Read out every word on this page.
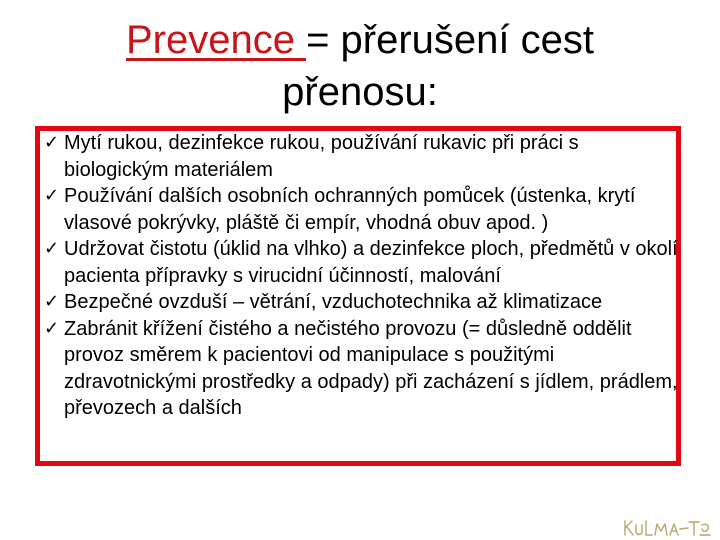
Prevence = přerušení cest
přenosu:
✓ Mytí rukou, dezinfekce rukou, používání rukavic při práci s biologickým materiálem
✓ Používání dalších osobních ochranných pomůcek (ústenka, krytí vlasové pokrývky, pláště či empír, vhodná obuv apod. )
✓ Udržovat čistotu (úklid na vlhko) a dezinfekce ploch, předmětů v okolí pacienta přípravky s virucidní účinností, malování
✓ Bezpečné ovzduší – větrání, vzduchotechnika až klimatizace
✓ Zabránit křížení čistého a nečistého provozu (= důsledně oddělit provoz směrem k pacientovi od manipulace s použitými zdravotnickými prostředky a odpady) při zacházení s jídlem, prádlem, převozech a dalších
